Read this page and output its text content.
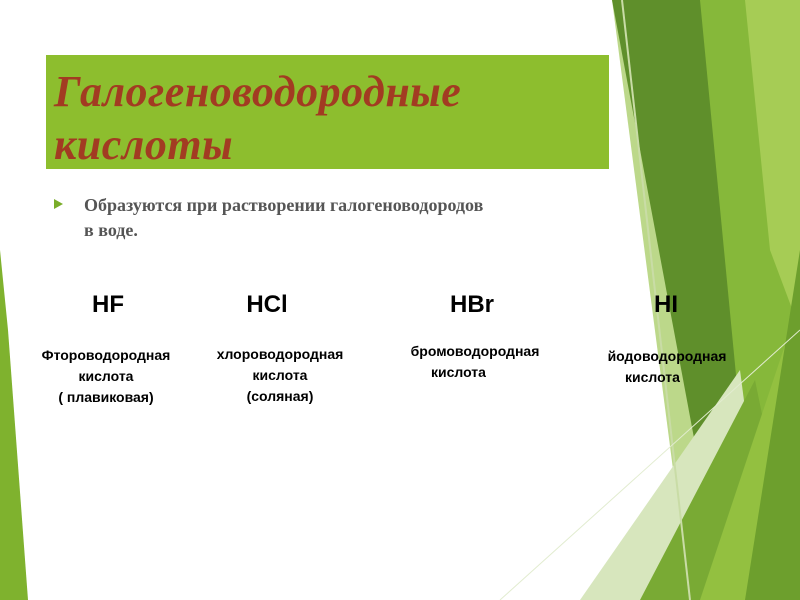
Галогеноводородные кислоты

Образуются при растворении галогеноводородов в воде.

HF
Фтороводородная
кислота
( плавиковая)
HCl
хлороводородная
кислота
(соляная)
HBr
бромоводородная
кислота
HI
йодоводородная
кислота
